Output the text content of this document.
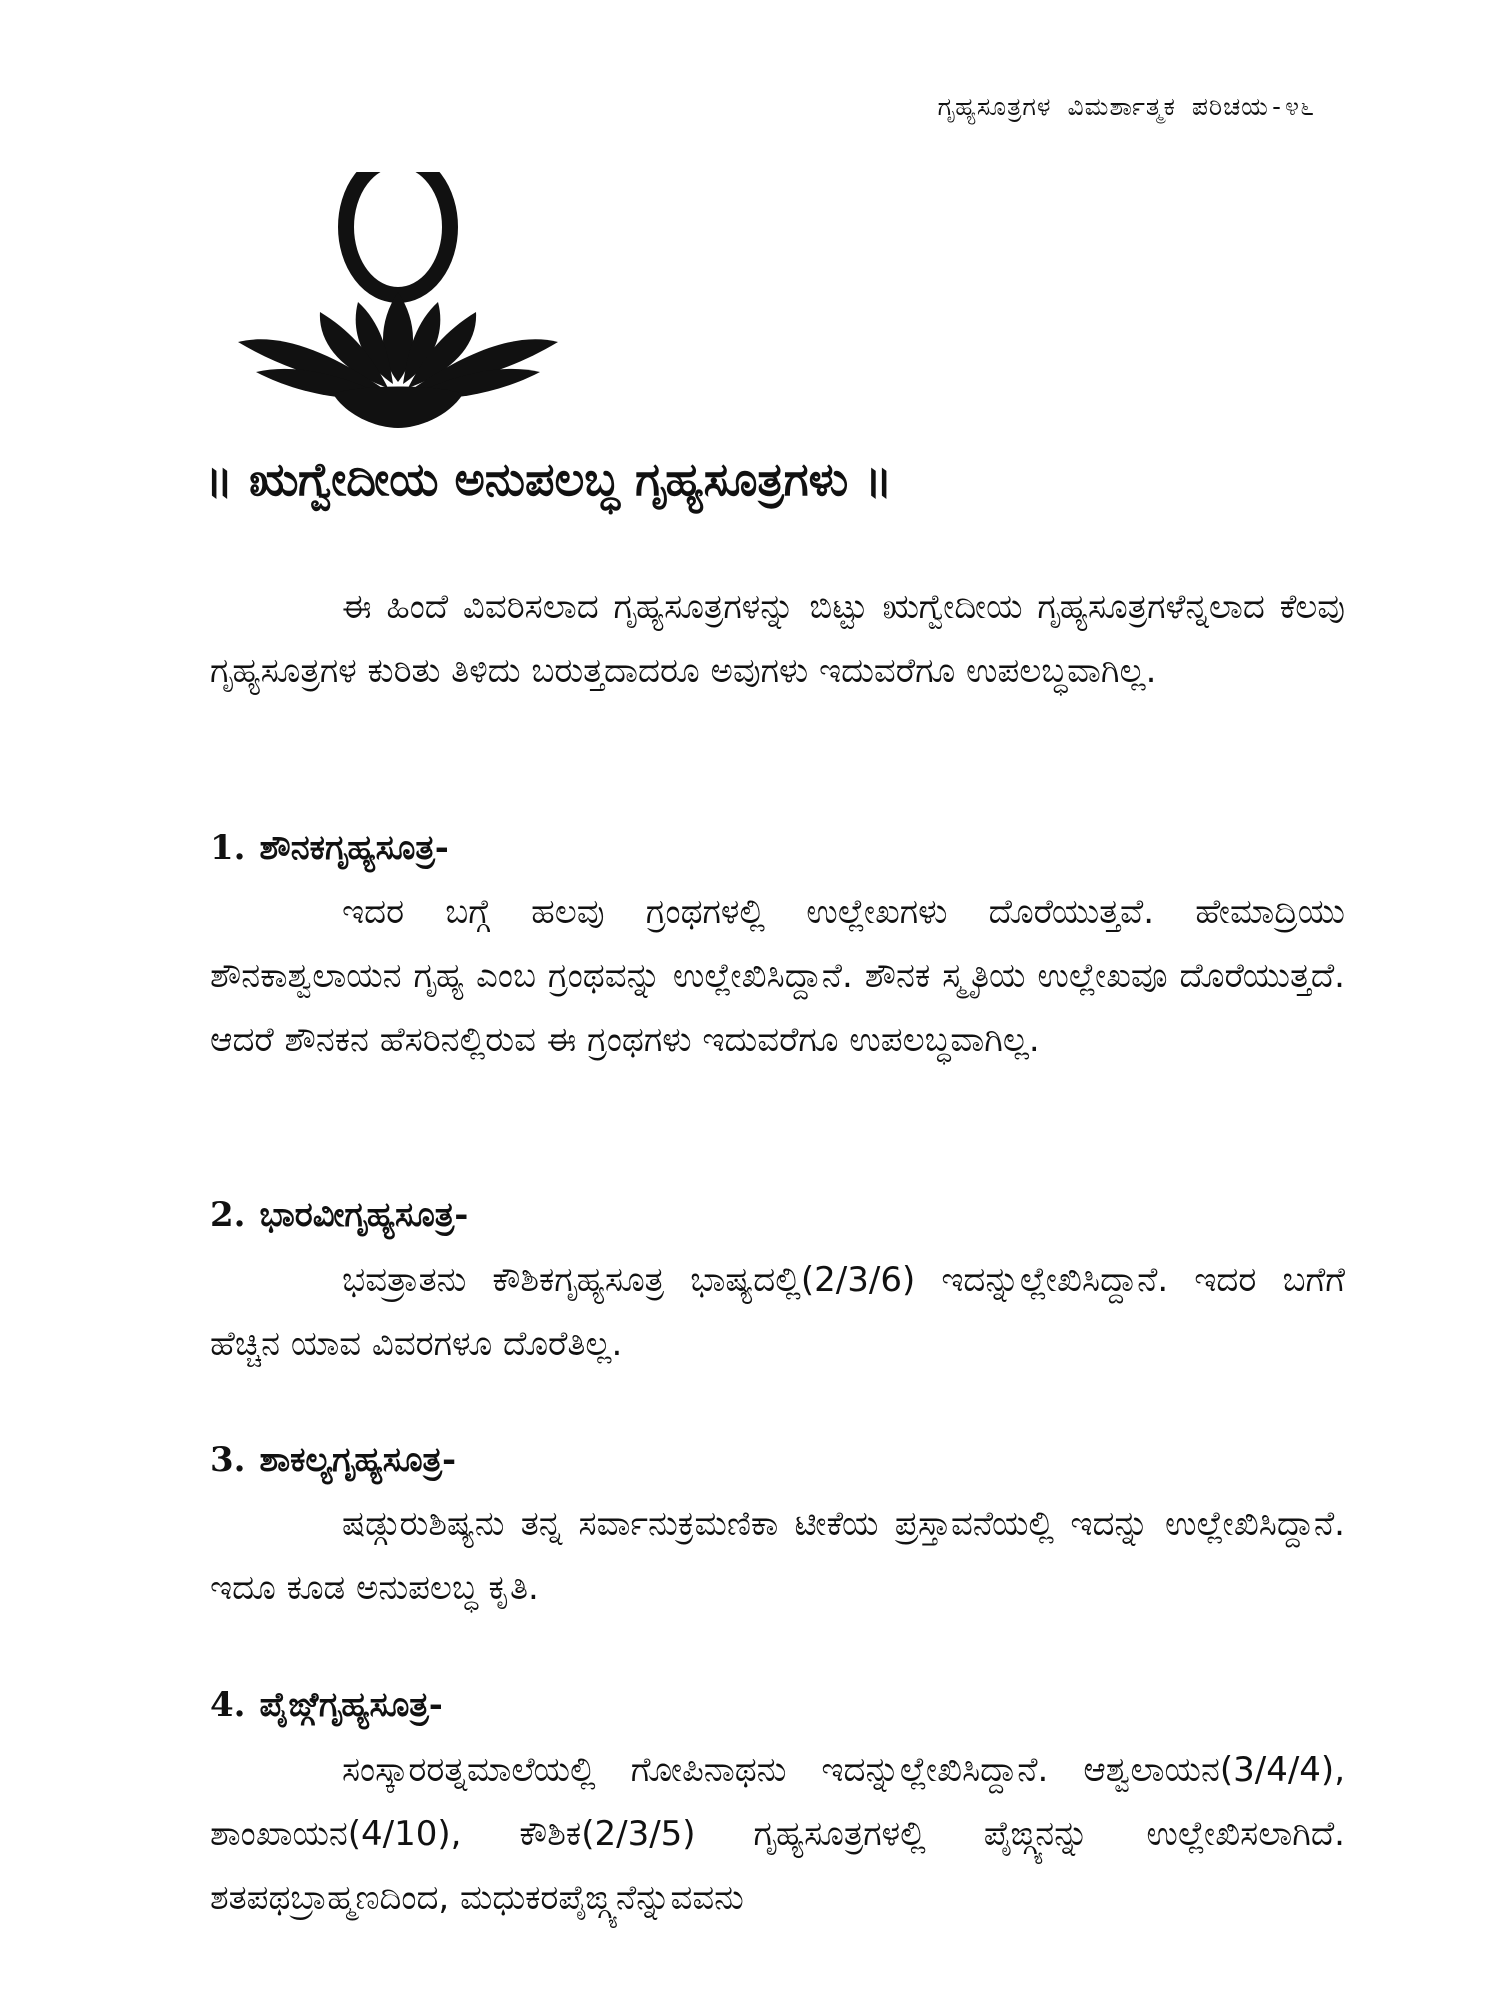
ಗೃಹ್ಯಸೂತ್ರಗಳ ವಿಮರ್ಶಾತ್ಮಕ ಪರಿಚಯ-೪೬
॥ ಋಗ್ವೇದೀಯ ಅನುಪಲಬ್ಧ ಗೃಹ್ಯಸೂತ್ರಗಳು ॥

ಈ ಹಿಂದೆ ವಿವರಿಸಲಾದ ಗೃಹ್ಯಸೂತ್ರಗಳನ್ನು ಬಿಟ್ಟು ಋಗ್ವೇದೀಯ ಗೃಹ್ಯಸೂತ್ರಗಳೆನ್ನಲಾದ ಕೆಲವು ಗೃಹ್ಯಸೂತ್ರಗಳ ಕುರಿತು ತಿಳಿದು ಬರುತ್ತದಾದರೂ ಅವುಗಳು ಇದುವರೆಗೂ ಉಪಲಬ್ಧವಾಗಿಲ್ಲ.

1. ಶೌನಕಗೃಹ್ಯಸೂತ್ರ-

ಇದರ ಬಗ್ಗೆ ಹಲವು ಗ್ರಂಥಗಳಲ್ಲಿ ಉಲ್ಲೇಖಗಳು ದೊರೆಯುತ್ತವೆ. ಹೇಮಾದ್ರಿಯು ಶೌನಕಾಶ್ವಲಾಯನ ಗೃಹ್ಯ ಎಂಬ ಗ್ರಂಥವನ್ನು ಉಲ್ಲೇಖಿಸಿದ್ದಾನೆ. ಶೌನಕ ಸ್ಮೃತಿಯ ಉಲ್ಲೇಖವೂ ದೊರೆಯುತ್ತದೆ. ಆದರೆ ಶೌನಕನ ಹೆಸರಿನಲ್ಲಿರುವ ಈ ಗ್ರಂಥಗಳು ಇದುವರೆಗೂ ಉಪಲಬ್ಧವಾಗಿಲ್ಲ.

2. ಭಾರವೀಗೃಹ್ಯಸೂತ್ರ-

ಭವತ್ರಾತನು ಕೌಶಿಕಗೃಹ್ಯಸೂತ್ರ ಭಾಷ್ಯದಲ್ಲಿ(2/3/6) ಇದನ್ನುಲ್ಲೇಖಿಸಿದ್ದಾನೆ. ಇದರ ಬಗೆಗೆ ಹೆಚ್ಚಿನ ಯಾವ ವಿವರಗಳೂ ದೊರೆತಿಲ್ಲ.

3. ಶಾಕಲ್ಯಗೃಹ್ಯಸೂತ್ರ-

ಷಡ್ಗುರುಶಿಷ್ಯನು ತನ್ನ ಸರ್ವಾನುಕ್ರಮಣಿಕಾ ಟೀಕೆಯ ಪ್ರಸ್ತಾವನೆಯಲ್ಲಿ ಇದನ್ನು ಉಲ್ಲೇಖಿಸಿದ್ದಾನೆ. ಇದೂ ಕೂಡ ಅನುಪಲಬ್ಧ ಕೃತಿ.

4. ಪೈಙ್ಗೆಗೃಹ್ಯಸೂತ್ರ-

ಸಂಸ್ಕಾರರತ್ನಮಾಲೆಯಲ್ಲಿ ಗೋಪಿನಾಥನು ಇದನ್ನುಲ್ಲೇಖಿಸಿದ್ದಾನೆ. ಆಶ್ವಲಾಯನ(3/4/4), ಶಾಂಖಾಯನ(4/10), ಕೌಶಿಕ(2/3/5) ಗೃಹ್ಯಸೂತ್ರಗಳಲ್ಲಿ ಪೈಙ್ಗ್ಯನನ್ನು ಉಲ್ಲೇಖಿಸಲಾಗಿದೆ. ಶತಪಥಬ್ರಾಹ್ಮಣದಿಂದ, ಮಧುಕರಪೈಙ್ಗ್ಯನೆನ್ನುವವನು
